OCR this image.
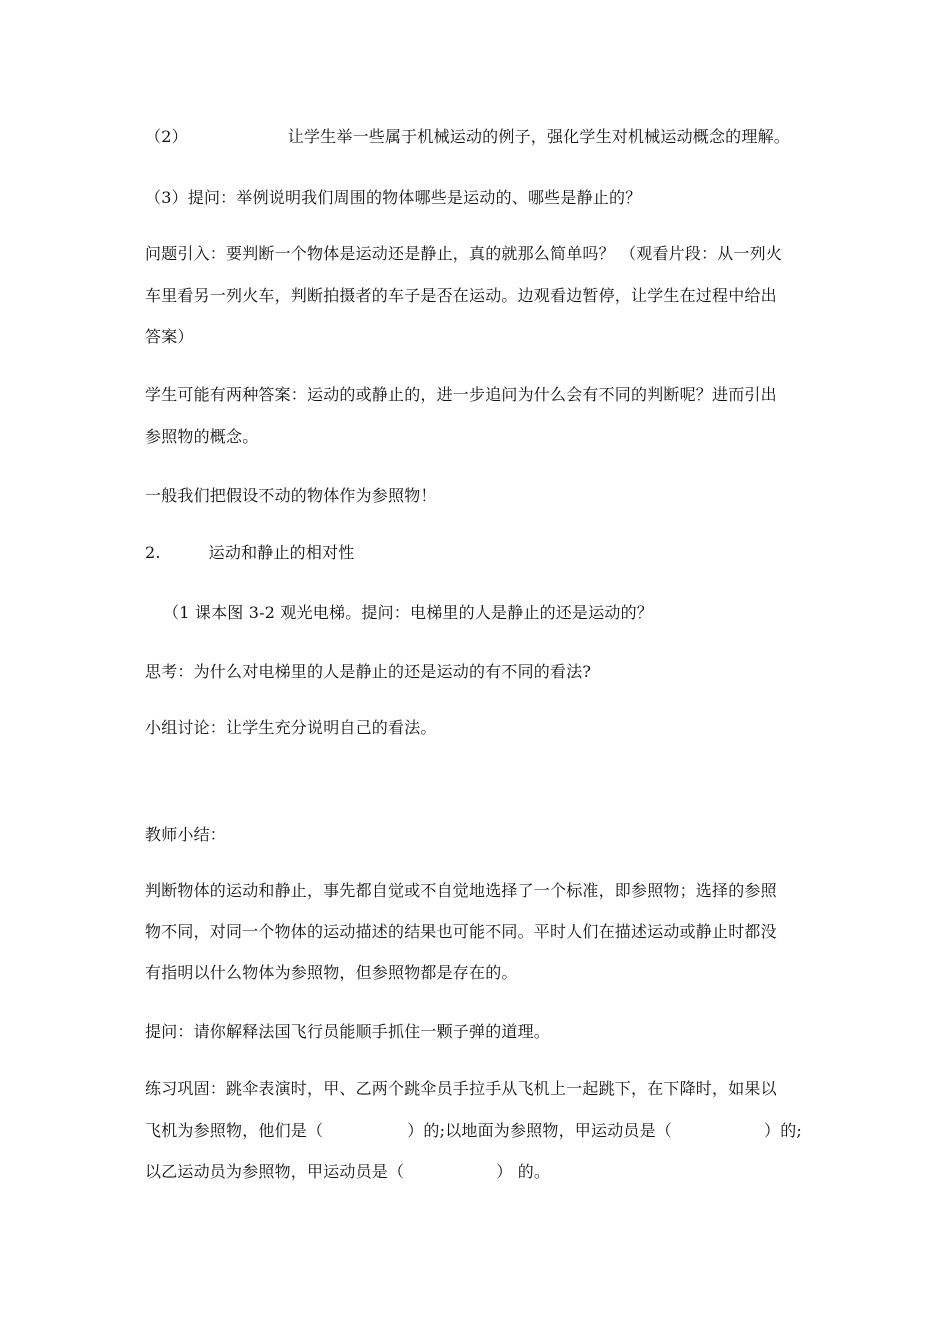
（2）	让学生举一些属于机械运动的例子，强化学生对机械运动概念的理解。
（3）提问：举例说明我们周围的物体哪些是运动的、哪些是静止的？
问题引入：要判断一个物体是运动还是静止，真的就那么简单吗？ （观看片段：从一列火
车里看另一列火车，判断拍摄者的车子是否在运动。边观看边暂停，让学生在过程中给出
答案）
学生可能有两种答案：运动的或静止的，进一步追问为什么会有不同的判断呢？进而引出
参照物的概念。
一般我们把假设不动的物体作为参照物！
2.	运动和静止的相对性
（1 课本图 3-2 观光电梯。提问：电梯里的人是静止的还是运动的？
思考：为什么对电梯里的人是静止的还是运动的有不同的看法?
小组讨论：让学生充分说明自己的看法。
教师小结：
判断物体的运动和静止，事先都自觉或不自觉地选择了一个标准，即参照物；选择的参照
物不同，对同一个物体的运动描述的结果也可能不同。平时人们在描述运动或静止时都没
有指明以什么物体为参照物，但参照物都是存在的。
提问：请你解释法国飞行员能顺手抓住一颗子弹的道理。
练习巩固：跳伞表演时，甲、乙两个跳伞员手拉手从飞机上一起跳下，在下降时，如果以
飞机为参照物，他们是（	）的;以地面为参照物，甲运动员是（	）的;
以乙运动员为参照物，甲运动员是（	） 的。
